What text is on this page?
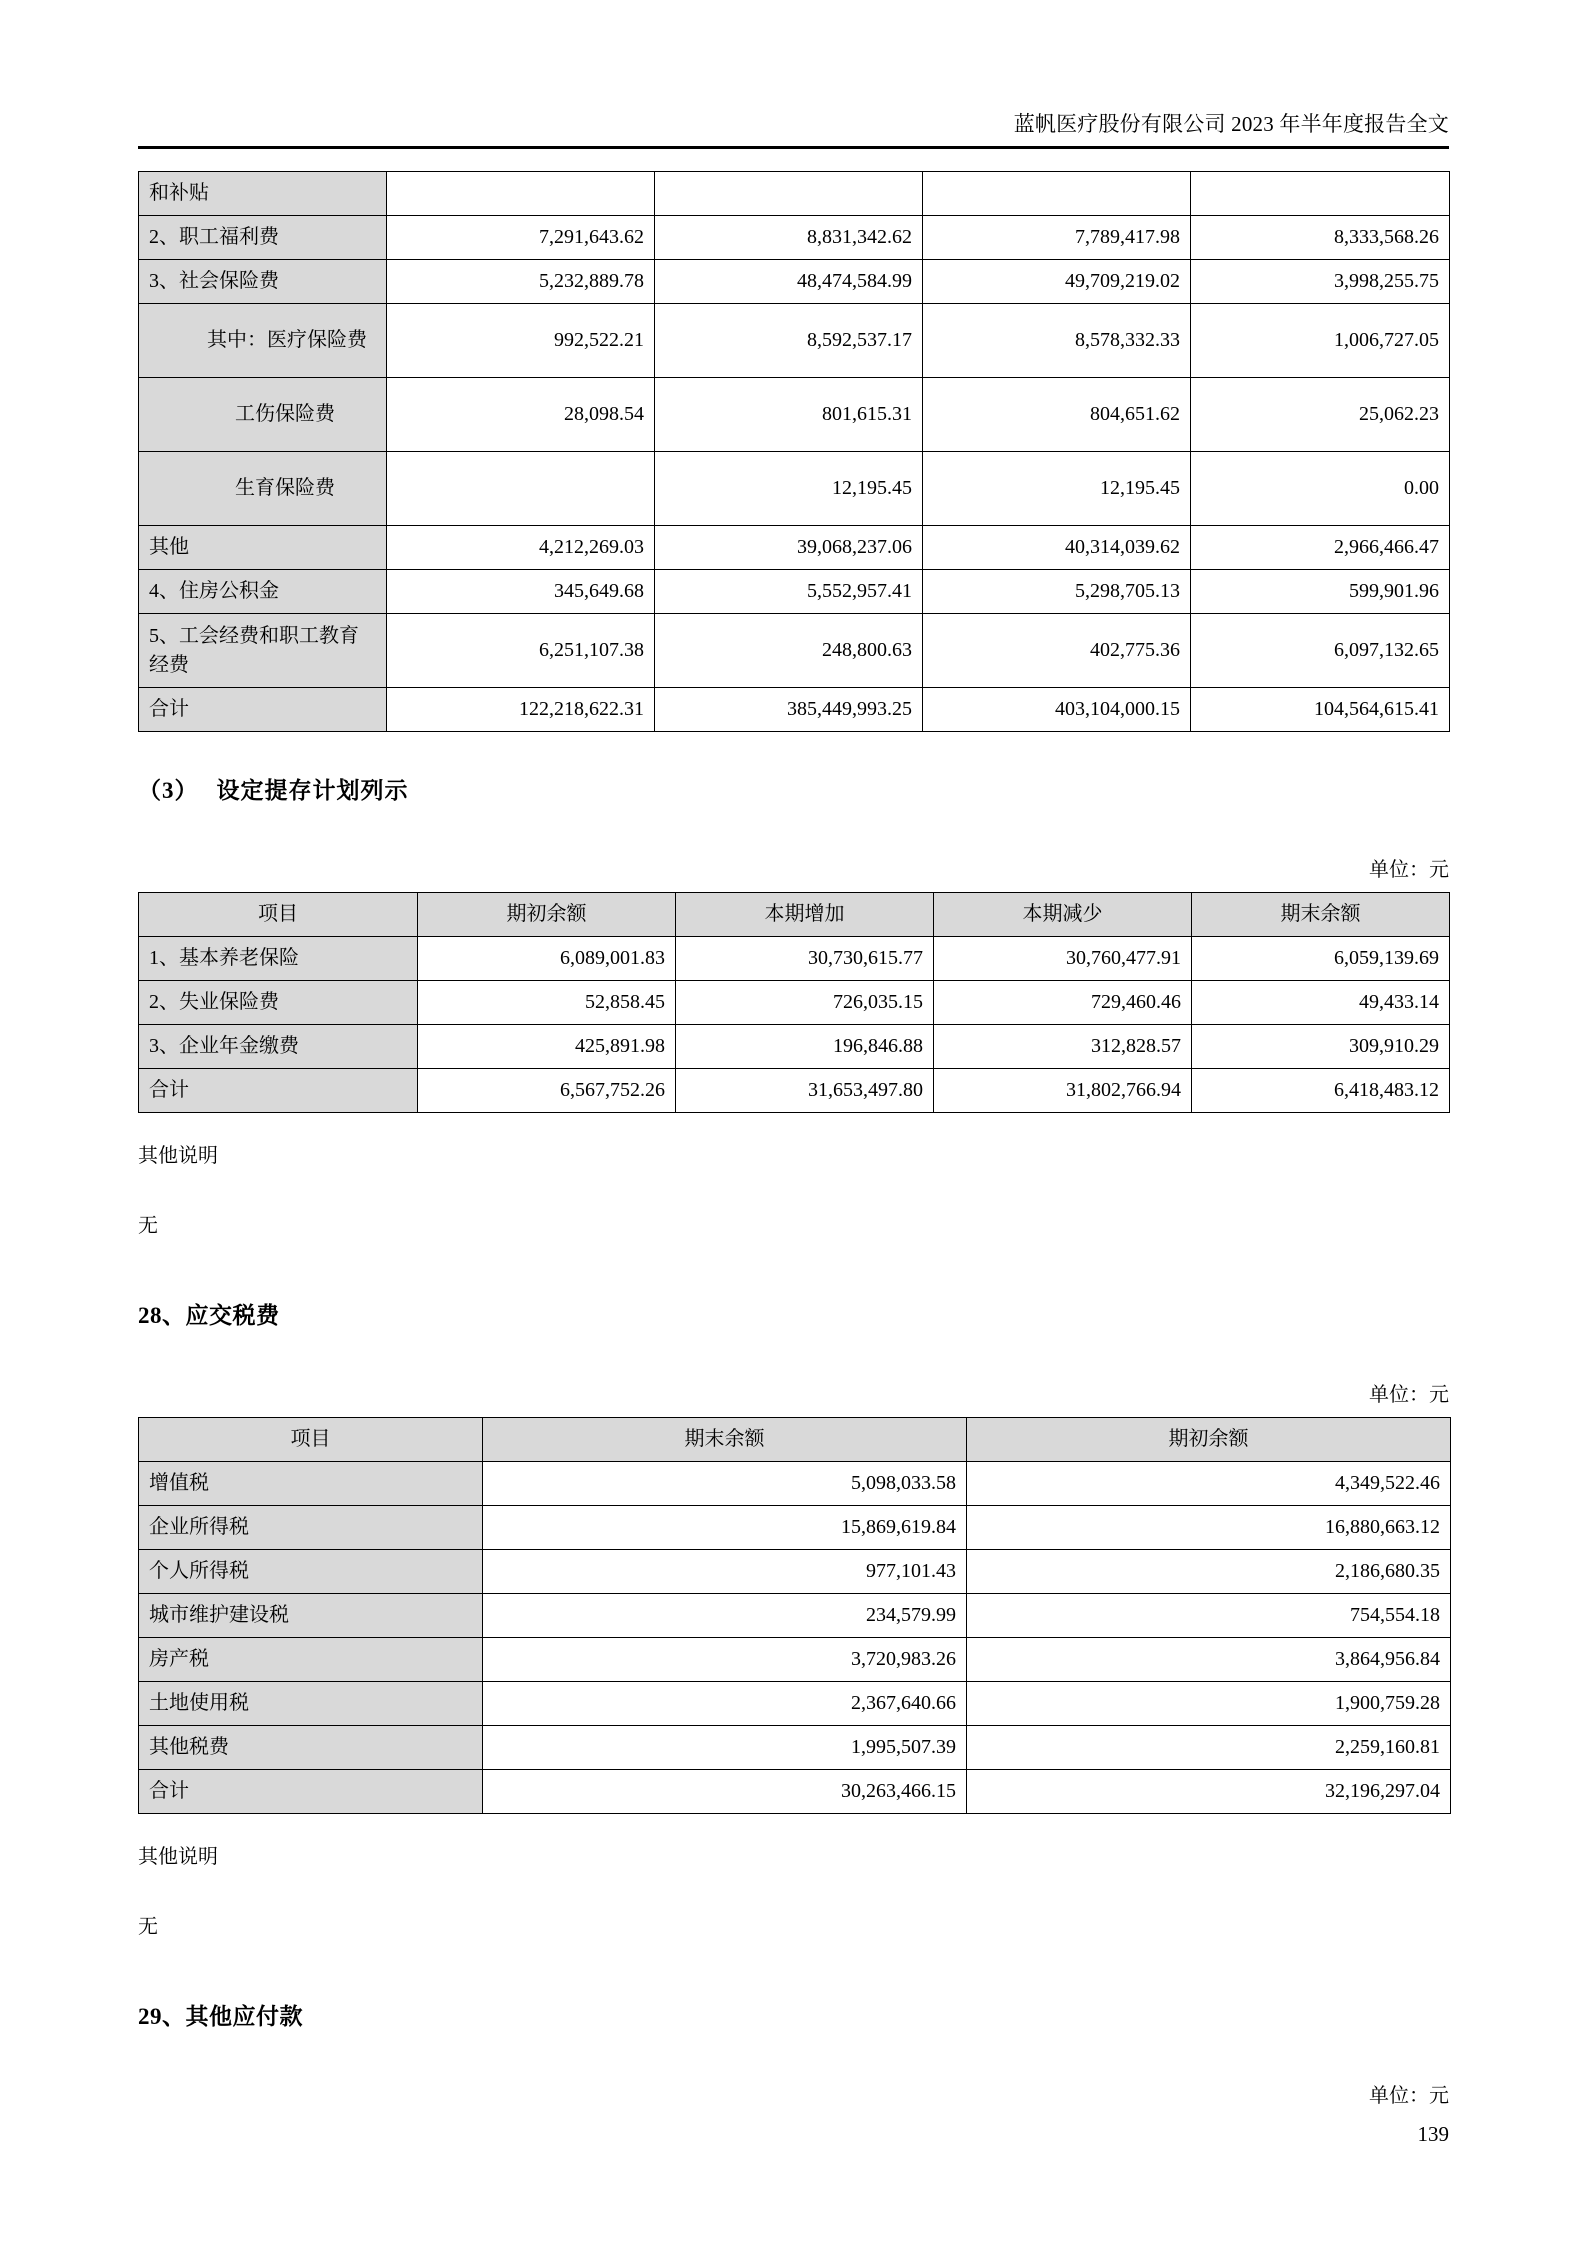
蓝帆医疗股份有限公司 2023 年半年度报告全文
和补贴				
2、职工福利费	7,291,643.62	8,831,342.62	7,789,417.98	8,333,568.26
3、社会保险费	5,232,889.78	48,474,584.99	49,709,219.02	3,998,255.75
其中：医疗保险费	992,522.21	8,592,537.17	8,578,332.33	1,006,727.05
工伤保险费	28,098.54	801,615.31	804,651.62	25,062.23
生育保险费		12,195.45	12,195.45	0.00
其他	4,212,269.03	39,068,237.06	40,314,039.62	2,966,466.47
4、住房公积金	345,649.68	5,552,957.41	5,298,705.13	599,901.96
5、工会经费和职工教育经费	6,251,107.38	248,800.63	402,775.36	6,097,132.65
合计	122,218,622.31	385,449,993.25	403,104,000.15	104,564,615.41
（3） 设定提存计划列示
单位：元
项目	期初余额	本期增加	本期减少	期末余额
1、基本养老保险	6,089,001.83	30,730,615.77	30,760,477.91	6,059,139.69
2、失业保险费	52,858.45	726,035.15	729,460.46	49,433.14
3、企业年金缴费	425,891.98	196,846.88	312,828.57	309,910.29
合计	6,567,752.26	31,653,497.80	31,802,766.94	6,418,483.12
其他说明
无
28、应交税费
单位：元
项目	期末余额	期初余额
增值税	5,098,033.58	4,349,522.46
企业所得税	15,869,619.84	16,880,663.12
个人所得税	977,101.43	2,186,680.35
城市维护建设税	234,579.99	754,554.18
房产税	3,720,983.26	3,864,956.84
土地使用税	2,367,640.66	1,900,759.28
其他税费	1,995,507.39	2,259,160.81
合计	30,263,466.15	32,196,297.04
其他说明
无
29、其他应付款
单位：元
139
